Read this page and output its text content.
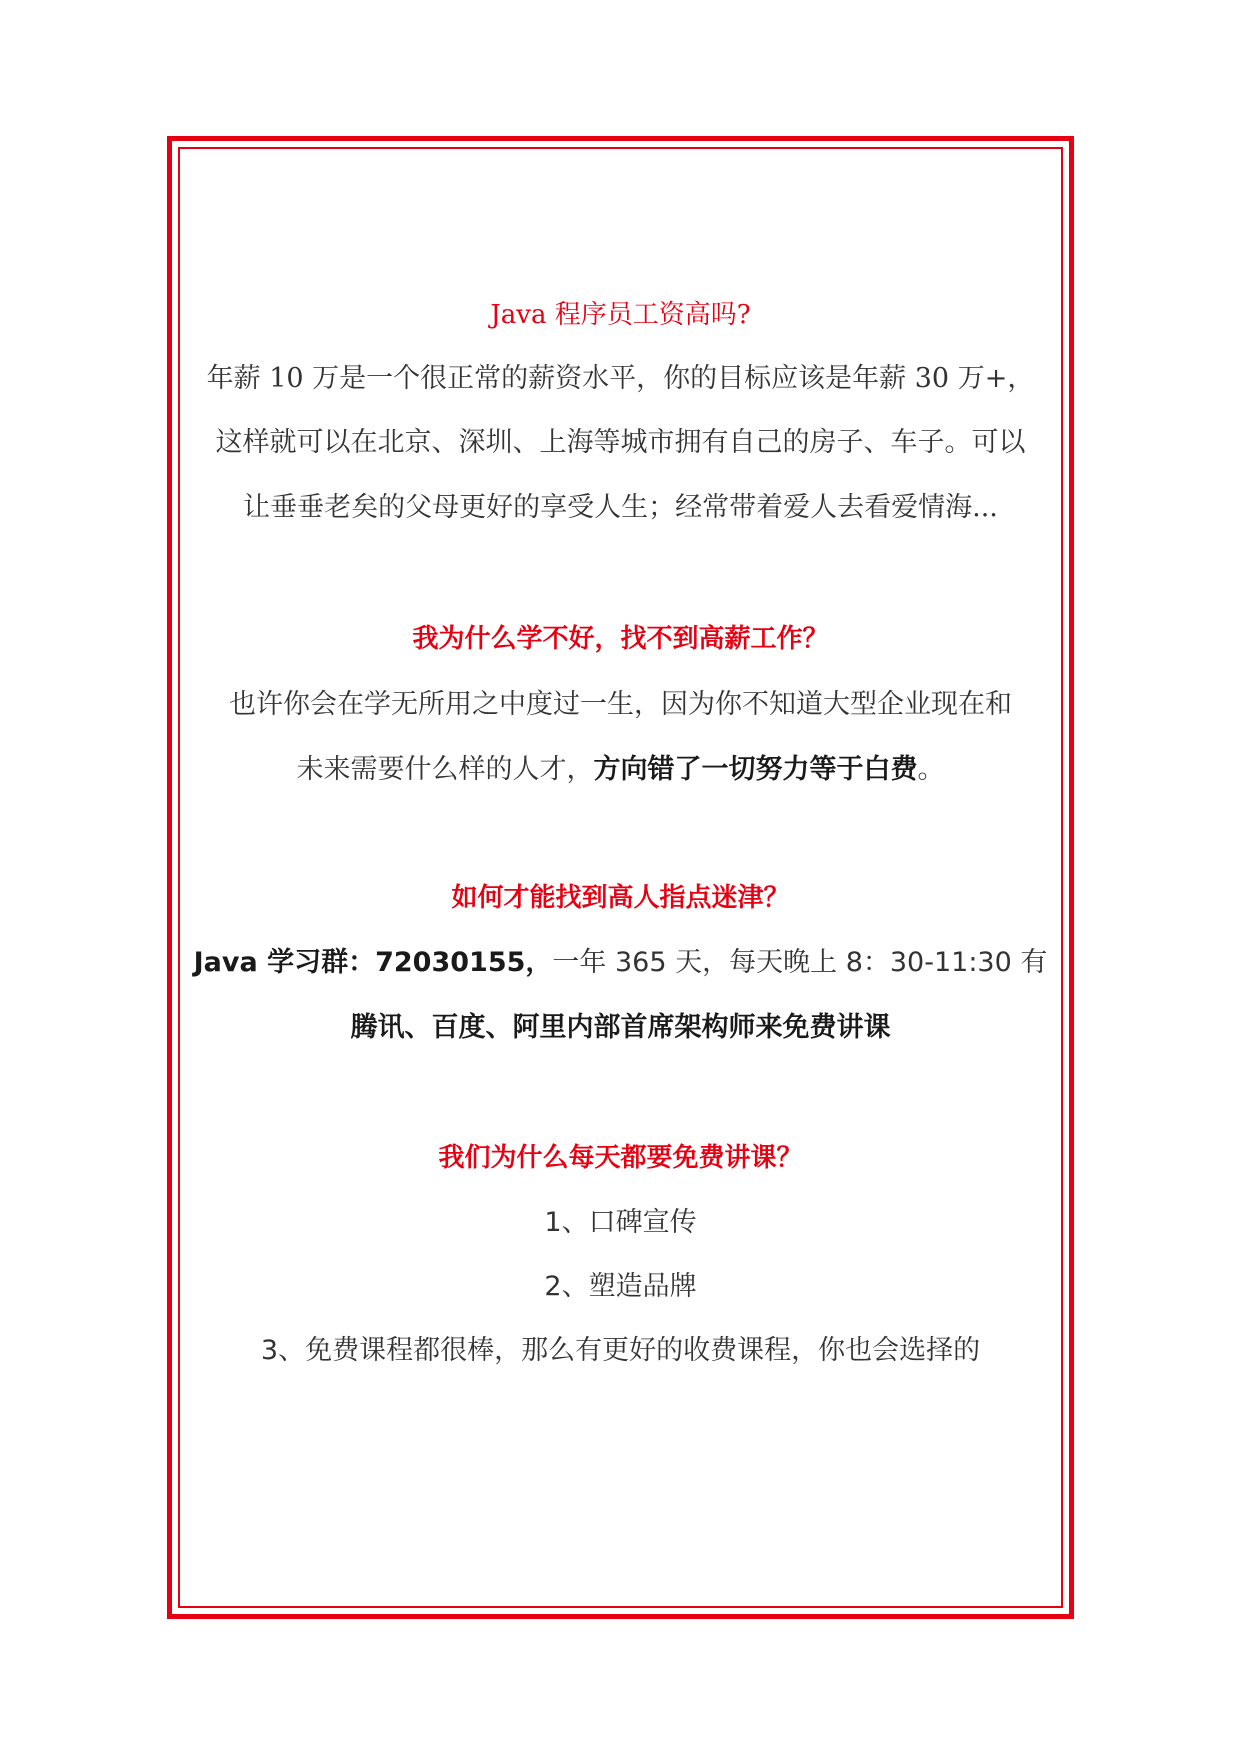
Java 程序员工资高吗?
年薪 10 万是一个很正常的薪资水平，你的目标应该是年薪 30 万+，
这样就可以在北京、深圳、上海等城市拥有自己的房子、车子。可以
让垂垂老矣的父母更好的享受人生；经常带着爱人去看爱情海...
我为什么学不好，找不到高薪工作？
也许你会在学无所用之中度过一生，因为你不知道大型企业现在和
未来需要什么样的人才，方向错了一切努力等于白费。
如何才能找到高人指点迷津？
Java 学习群：72030155，一年 365 天，每天晚上 8：30-11:30 有
腾讯、百度、阿里内部首席架构师来免费讲课
我们为什么每天都要免费讲课？
1、口碑宣传
2、塑造品牌
3、免费课程都很棒，那么有更好的收费课程，你也会选择的
